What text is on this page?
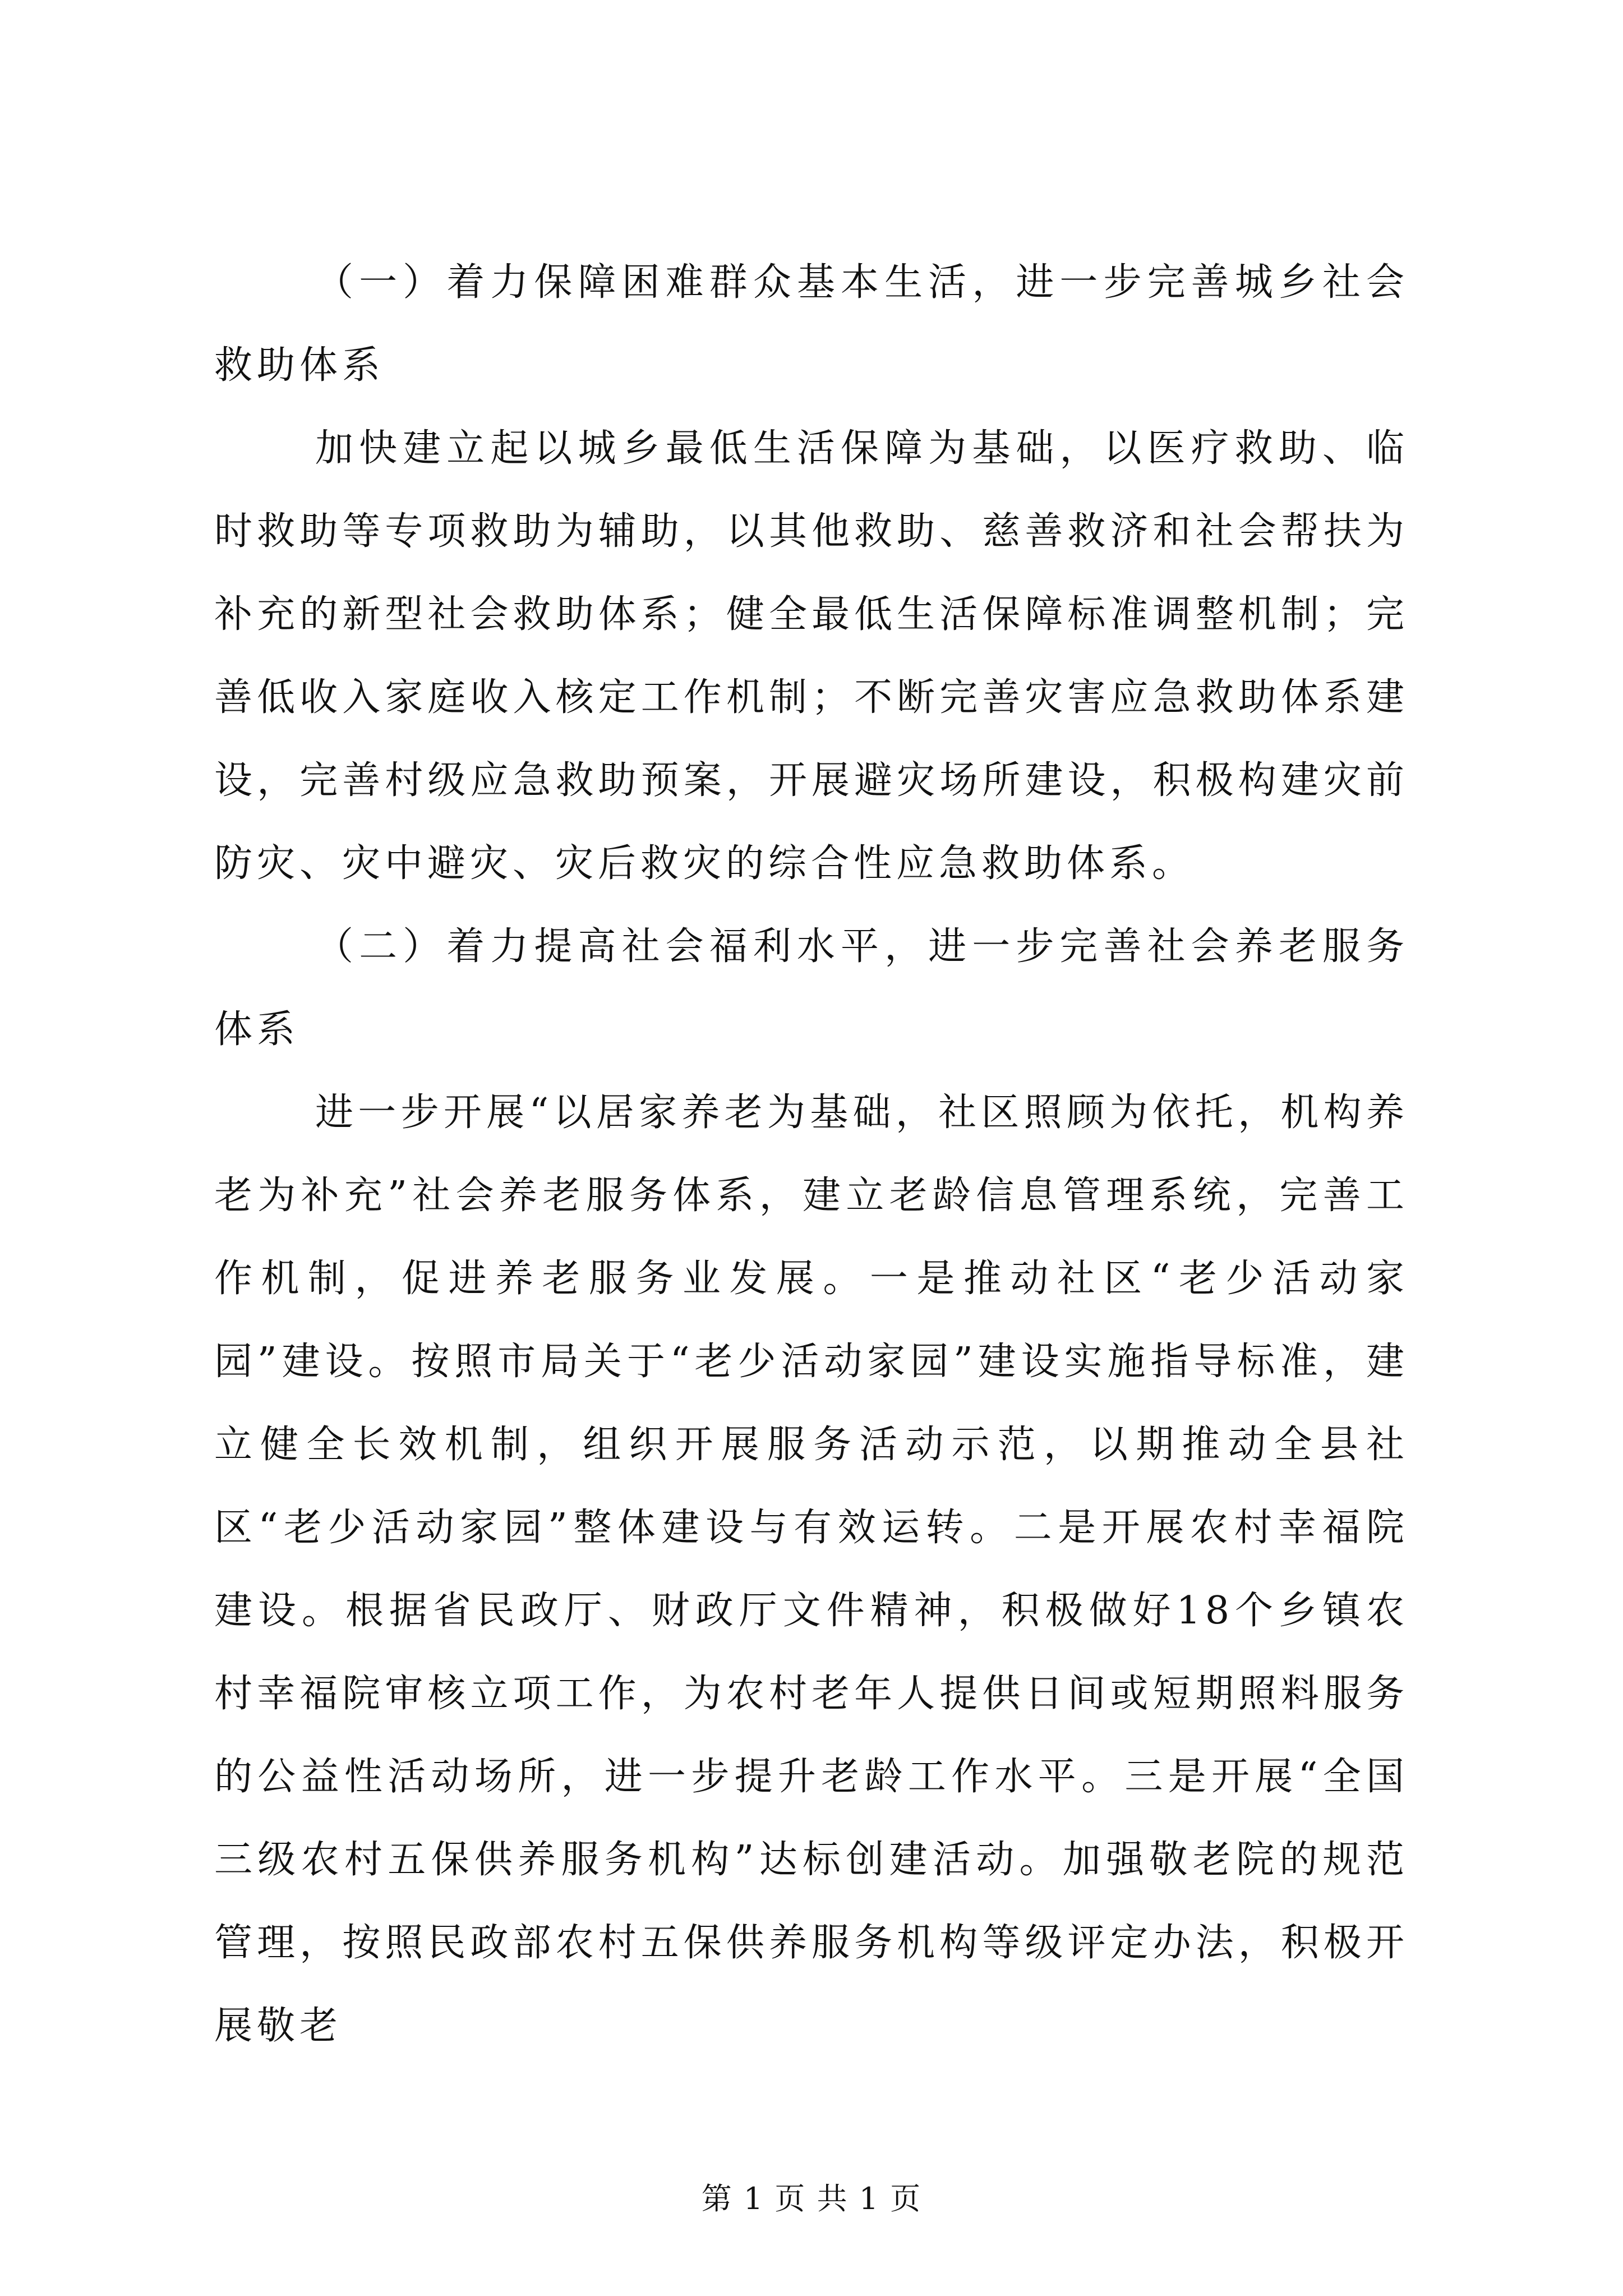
（一）着力保障困难群众基本生活，进一步完善城乡社会救助体系

加快建立起以城乡最低生活保障为基础，以医疗救助、临时救助等专项救助为辅助，以其他救助、慈善救济和社会帮扶为补充的新型社会救助体系；健全最低生活保障标准调整机制；完善低收入家庭收入核定工作机制；不断完善灾害应急救助体系建设，完善村级应急救助预案，开展避灾场所建设，积极构建灾前防灾、灾中避灾、灾后救灾的综合性应急救助体系。

（二）着力提高社会福利水平，进一步完善社会养老服务体系

进一步开展“以居家养老为基础，社区照顾为依托，机构养老为补充”社会养老服务体系，建立老龄信息管理系统，完善工作机制，促进养老服务业发展。一是推动社区“老少活动家园”建设。按照市局关于“老少活动家园”建设实施指导标准，建立健全长效机制，组织开展服务活动示范，以期推动全县社区“老少活动家园”整体建设与有效运转。二是开展农村幸福院建设。根据省民政厅、财政厅文件精神，积极做好18个乡镇农村幸福院审核立项工作，为农村老年人提供日间或短期照料服务的公益性活动场所，进一步提升老龄工作水平。三是开展“全国三级农村五保供养服务机构”达标创建活动。加强敬老院的规范管理，按照民政部农村五保供养服务机构等级评定办法，积极开展敬老

第 1 页 共 1 页
